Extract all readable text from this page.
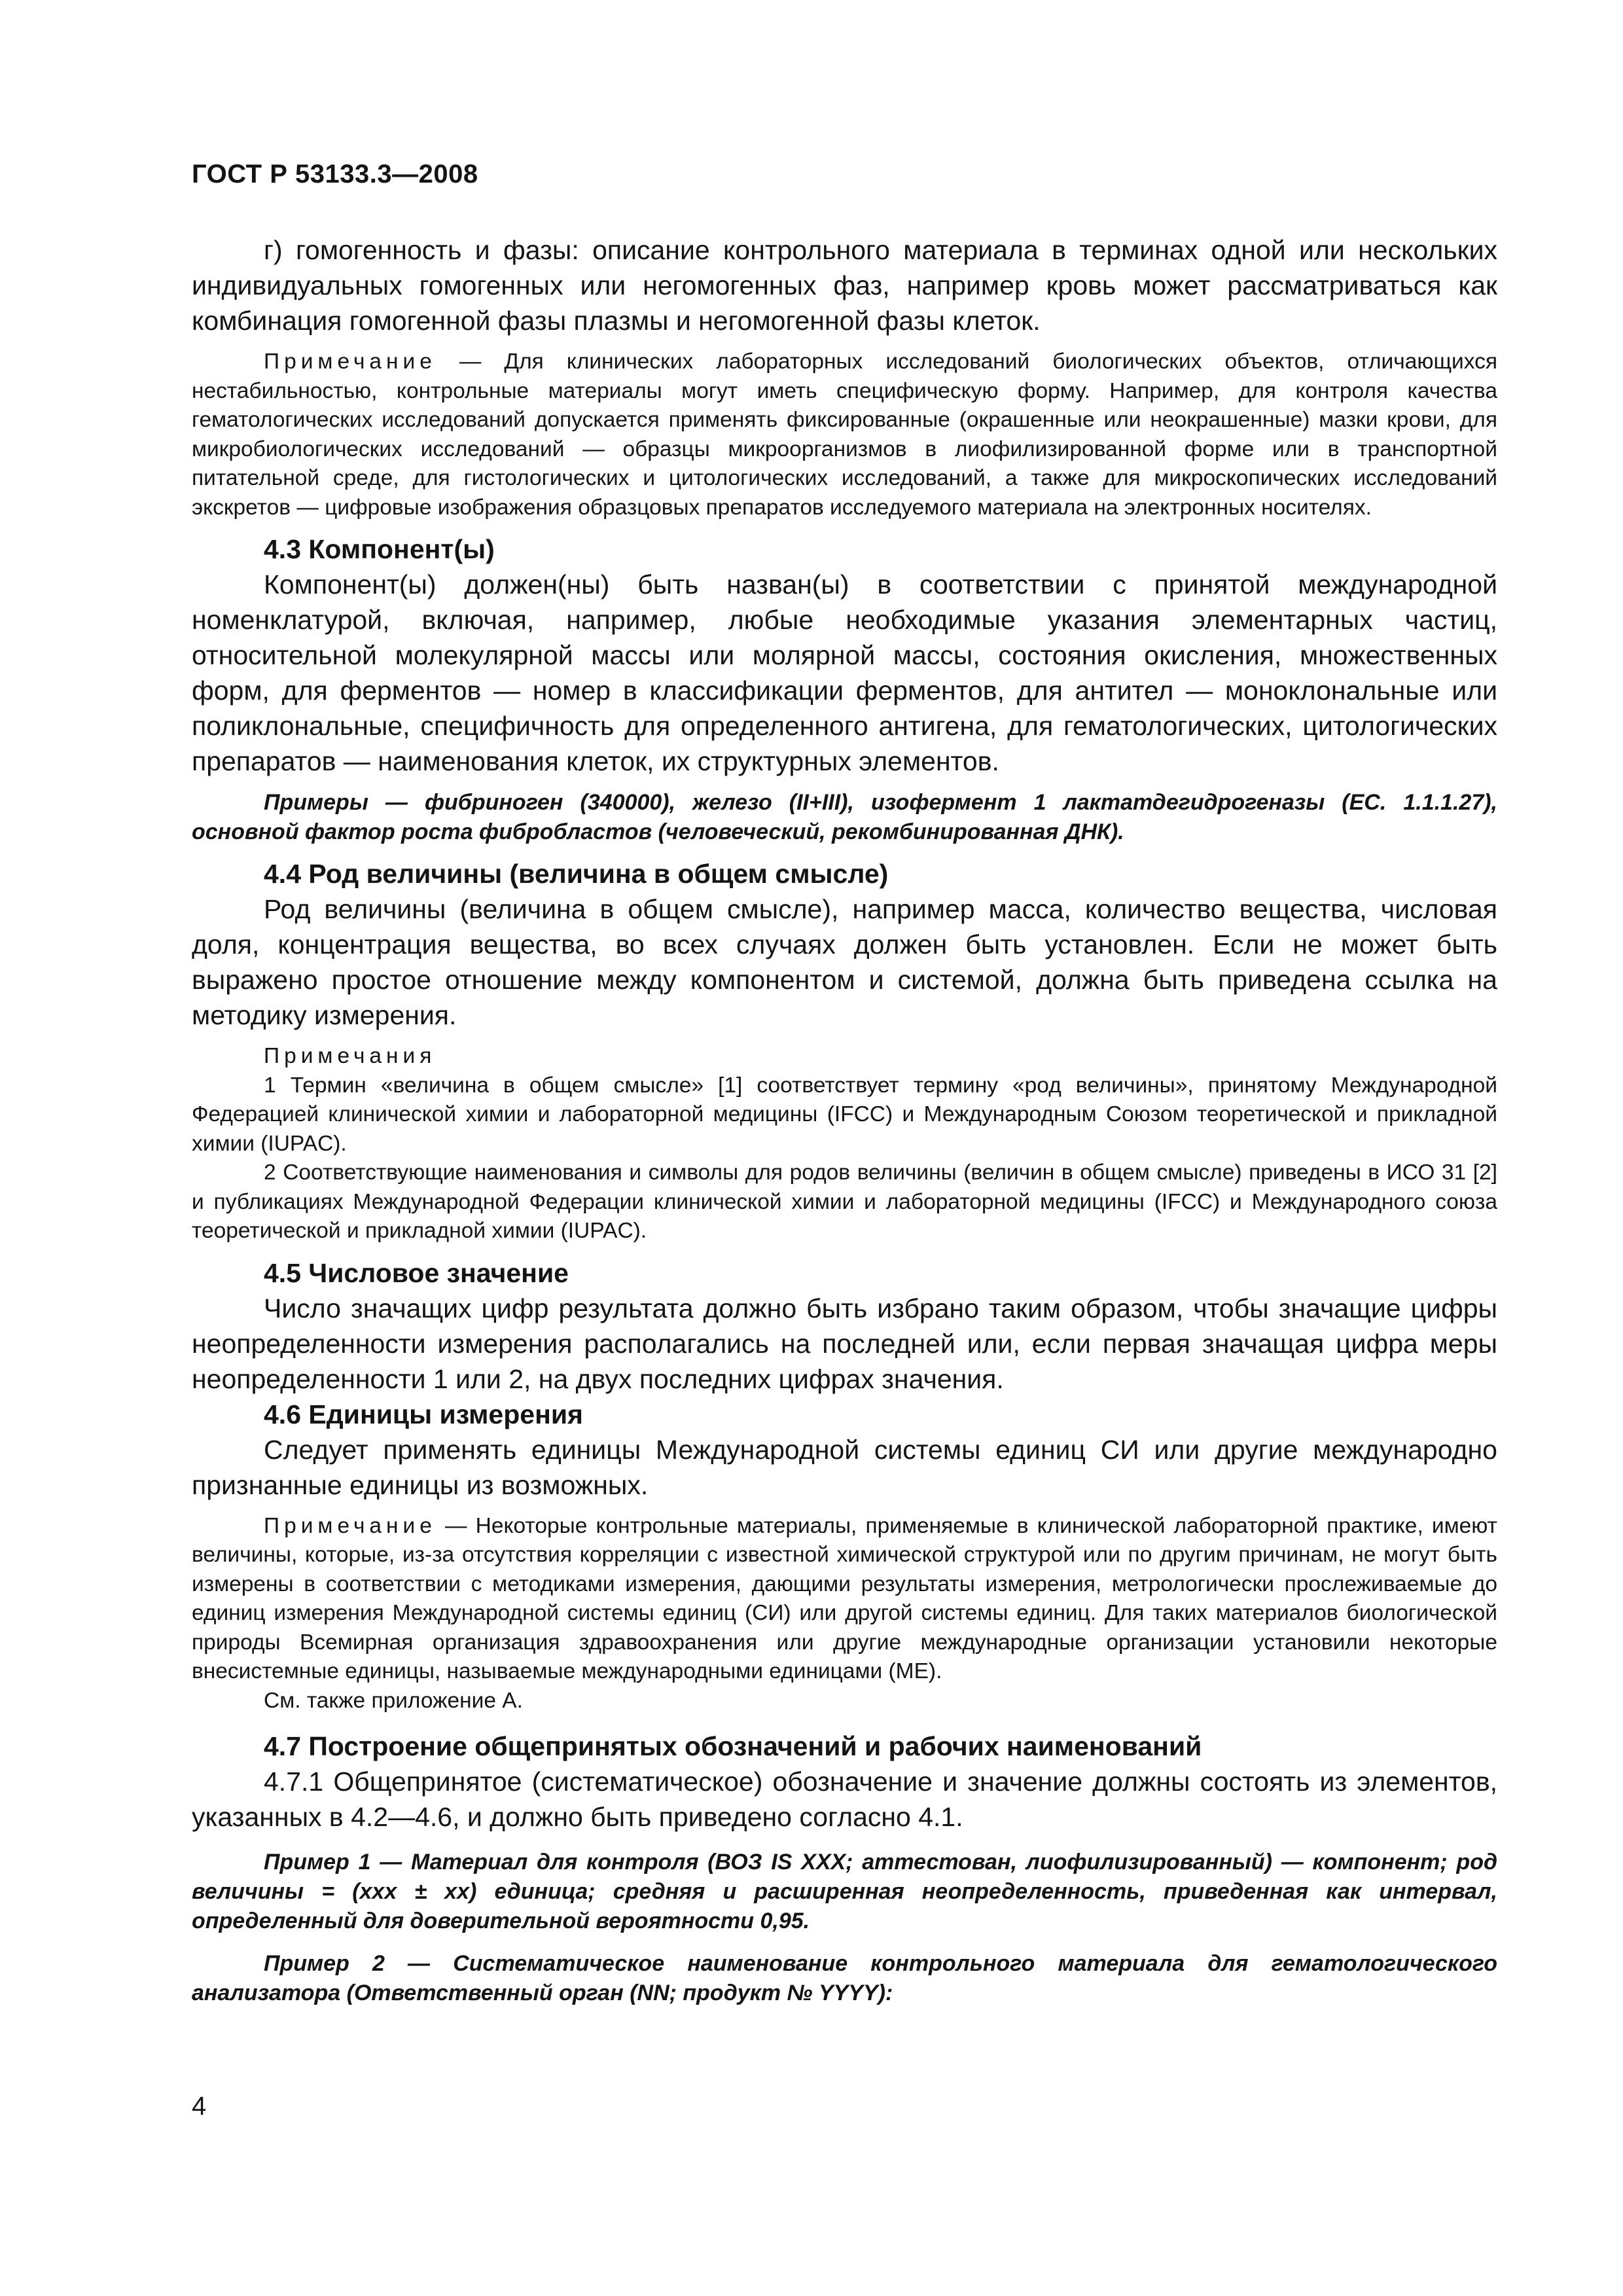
ГОСТ Р 53133.3—2008

г) гомогенность и фазы: описание контрольного материала в терминах одной или нескольких индивидуальных гомогенных или негомогенных фаз, например кровь может рассматриваться как комбинация гомогенной фазы плазмы и негомогенной фазы клеток.

Примечание — Для клинических лабораторных исследований биологических объектов, отличающихся нестабильностью, контрольные материалы могут иметь специфическую форму. Например, для контроля качества гематологических исследований допускается применять фиксированные (окрашенные или неокрашенные) мазки крови, для микробиологических исследований — образцы микроорганизмов в лиофилизированной форме или в транспортной питательной среде, для гистологических и цитологических исследований, а также для микроскопических исследований экскретов — цифровые изображения образцовых препаратов исследуемого материала на электронных носителях.

4.3 Компонент(ы)

Компонент(ы) должен(ны) быть назван(ы) в соответствии с принятой международной номенклатурой, включая, например, любые необходимые указания элементарных частиц, относительной молекулярной массы или молярной массы, состояния окисления, множественных форм, для ферментов — номер в классификации ферментов, для антител — моноклональные или поликлональные, специфичность для определенного антигена, для гематологических, цитологических препаратов — наименования клеток, их структурных элементов.

Примеры — фибриноген (340000), железо (II+III), изофермент 1 лактатдегидрогеназы (EC. 1.1.1.27), основной фактор роста фибробластов (человеческий, рекомбинированная ДНК).

4.4 Род величины (величина в общем смысле)

Род величины (величина в общем смысле), например масса, количество вещества, числовая доля, концентрация вещества, во всех случаях должен быть установлен. Если не может быть выражено простое отношение между компонентом и системой, должна быть приведена ссылка на методику измерения.

Примечания

1 Термин «величина в общем смысле» [1] соответствует термину «род величины», принятому Международной Федерацией клинической химии и лабораторной медицины (IFCC) и Международным Союзом теоретической и прикладной химии (IUPAC).

2 Соответствующие наименования и символы для родов величины (величин в общем смысле) приведены в ИСО 31 [2] и публикациях Международной Федерации клинической химии и лабораторной медицины (IFCC) и Международного союза теоретической и прикладной химии (IUPAC).

4.5 Числовое значение

Число значащих цифр результата должно быть избрано таким образом, чтобы значащие цифры неопределенности измерения располагались на последней или, если первая значащая цифра меры неопределенности 1 или 2, на двух последних цифрах значения.

4.6 Единицы измерения

Следует применять единицы Международной системы единиц СИ или другие международно признанные единицы из возможных.

Примечание — Некоторые контрольные материалы, применяемые в клинической лабораторной практике, имеют величины, которые, из-за отсутствия корреляции с известной химической структурой или по другим причинам, не могут быть измерены в соответствии с методиками измерения, дающими результаты измерения, метрологически прослеживаемые до единиц измерения Международной системы единиц (СИ) или другой системы единиц. Для таких материалов биологической природы Всемирная организация здравоохранения или другие международные организации установили некоторые внесистемные единицы, называемые международными единицами (МЕ).

См. также приложение А.

4.7 Построение общепринятых обозначений и рабочих наименований

4.7.1 Общепринятое (систематическое) обозначение и значение должны состоять из элементов, указанных в 4.2—4.6, и должно быть приведено согласно 4.1.

Пример 1 — Материал для контроля (ВОЗ IS XXX; аттестован, лиофилизированный) — компонент; род величины = (ххх ± хх) единица; средняя и расширенная неопределенность, приведенная как интервал, определенный для доверительной вероятности 0,95.

Пример 2 — Систематическое наименование контрольного материала для гематологического анализатора (Ответственный орган (NN; продукт № YYYY):

4
